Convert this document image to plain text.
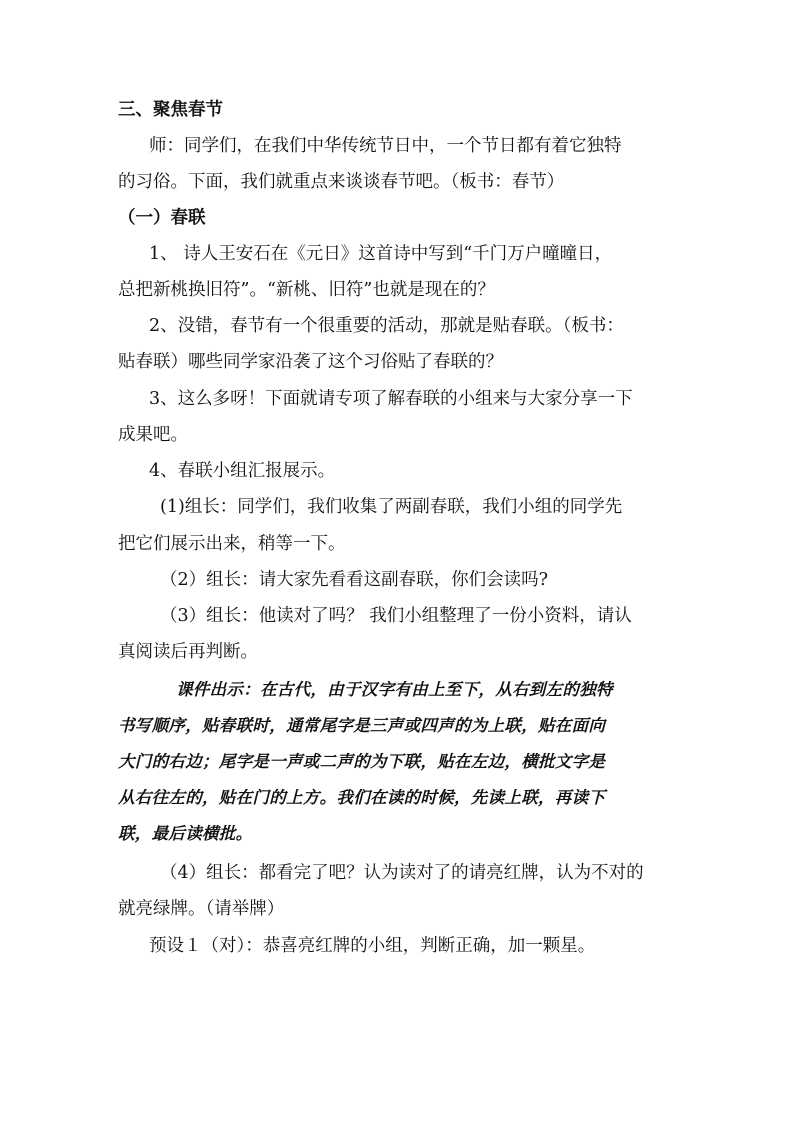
三、聚焦春节
师：同学们，在我们中华传统节日中，一个节日都有着它独特
的习俗。下面，我们就重点来谈谈春节吧。（板书：春节）
（一）春联
1、 诗人王安石在《元日》这首诗中写到“千门万户曈曈日，
总把新桃换旧符”。“新桃、旧符”也就是现在的？
2、没错，春节有一个很重要的活动，那就是贴春联。（板书：
贴春联）哪些同学家沿袭了这个习俗贴了春联的？
3、这么多呀！下面就请专项了解春联的小组来与大家分享一下
成果吧。
4、春联小组汇报展示。
(1)组长：同学们，我们收集了两副春联，我们小组的同学先
把它们展示出来，稍等一下。
（2）组长：请大家先看看这副春联，你们会读吗?
（3）组长：他读对了吗？ 我们小组整理了一份小资料，请认
真阅读后再判断。
课件出示：在古代，由于汉字有由上至下，从右到左的独特
书写顺序，贴春联时，通常尾字是三声或四声的为上联，贴在面向
大门的右边；尾字是一声或二声的为下联，贴在左边，横批文字是
从右往左的，贴在门的上方。我们在读的时候，先读上联，再读下
联，最后读横批。
（4）组长：都看完了吧？认为读对了的请亮红牌，认为不对的
就亮绿牌。（请举牌）
预设１（对）：恭喜亮红牌的小组，判断正确，加一颗星。
